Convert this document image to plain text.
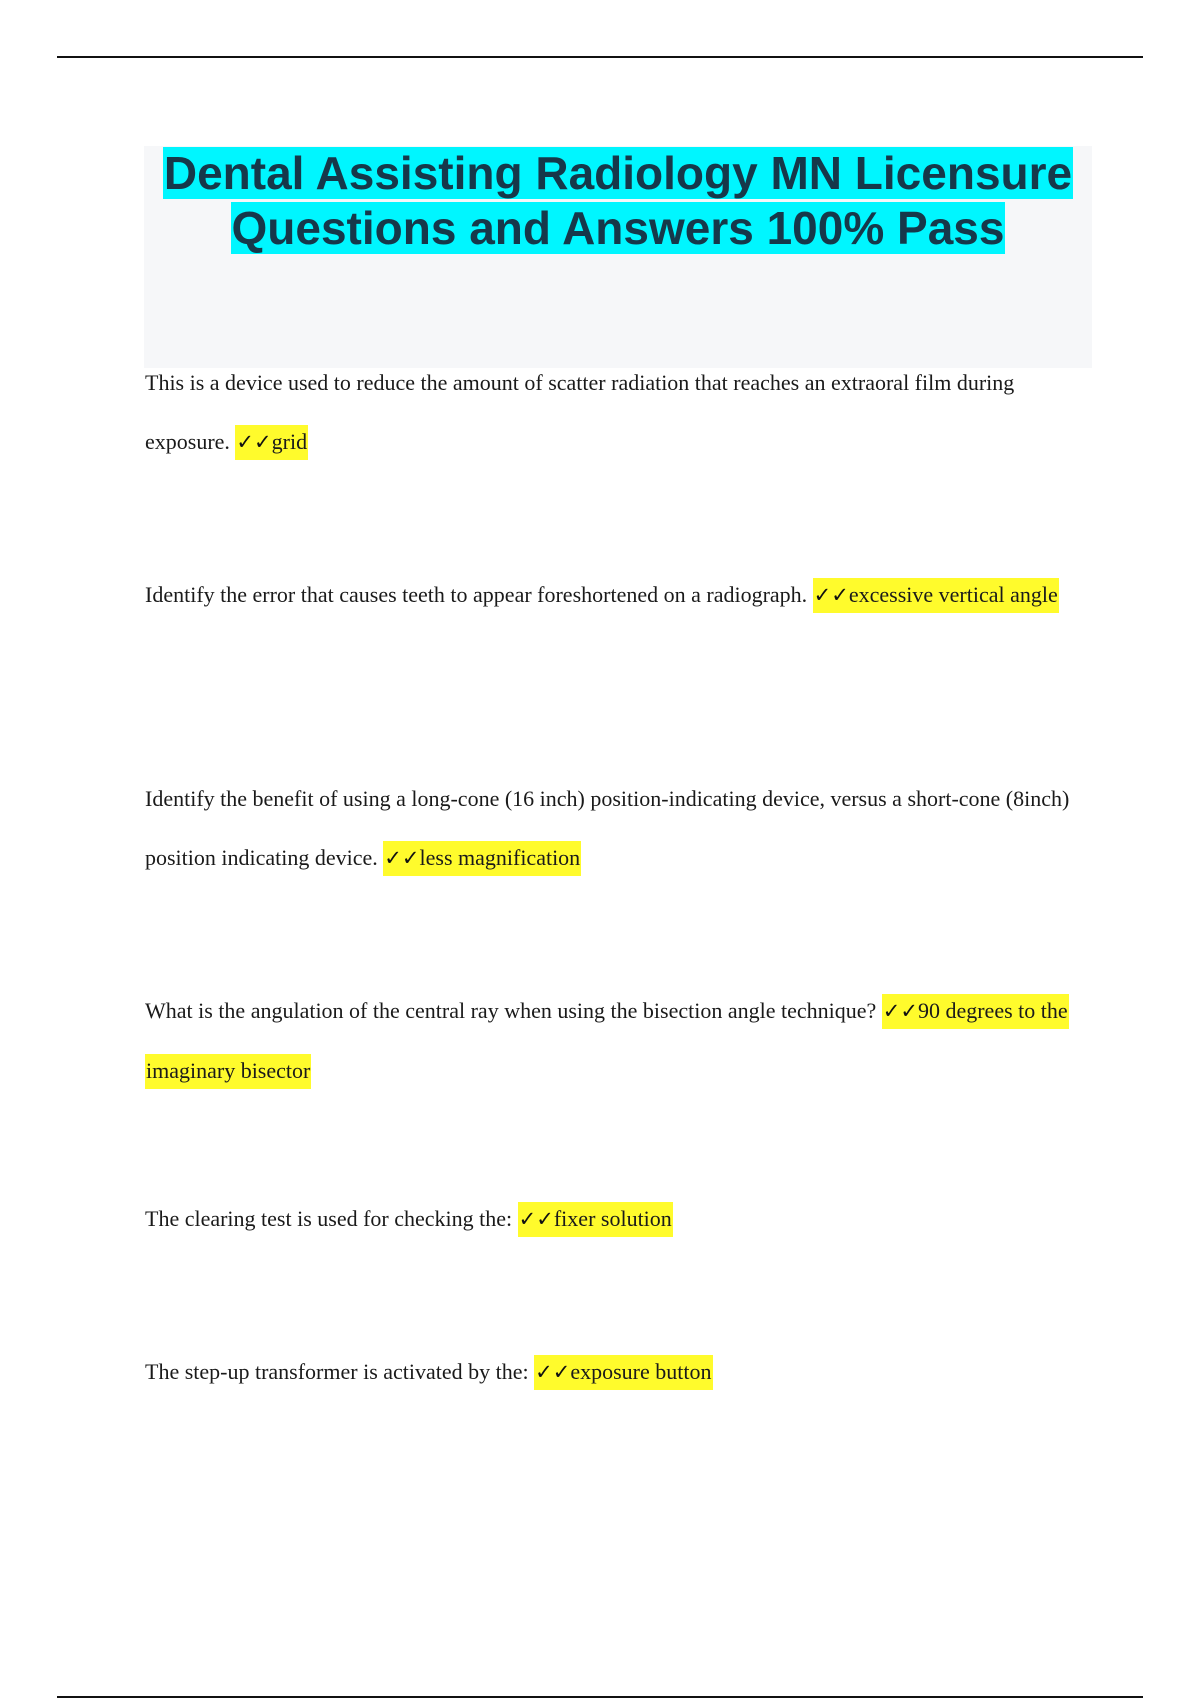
Dental Assisting Radiology MN Licensure Questions and Answers 100% Pass

This is a device used to reduce the amount of scatter radiation that reaches an extraoral film during exposure. ✓✓grid

Identify the error that causes teeth to appear foreshortened on a radiograph. ✓✓excessive vertical angle

Identify the benefit of using a long-cone (16 inch) position-indicating device, versus a short-cone (8inch) position indicating device. ✓✓less magnification

What is the angulation of the central ray when using the bisection angle technique? ✓✓90 degrees to the imaginary bisector

The clearing test is used for checking the: ✓✓fixer solution

The step-up transformer is activated by the: ✓✓exposure button
